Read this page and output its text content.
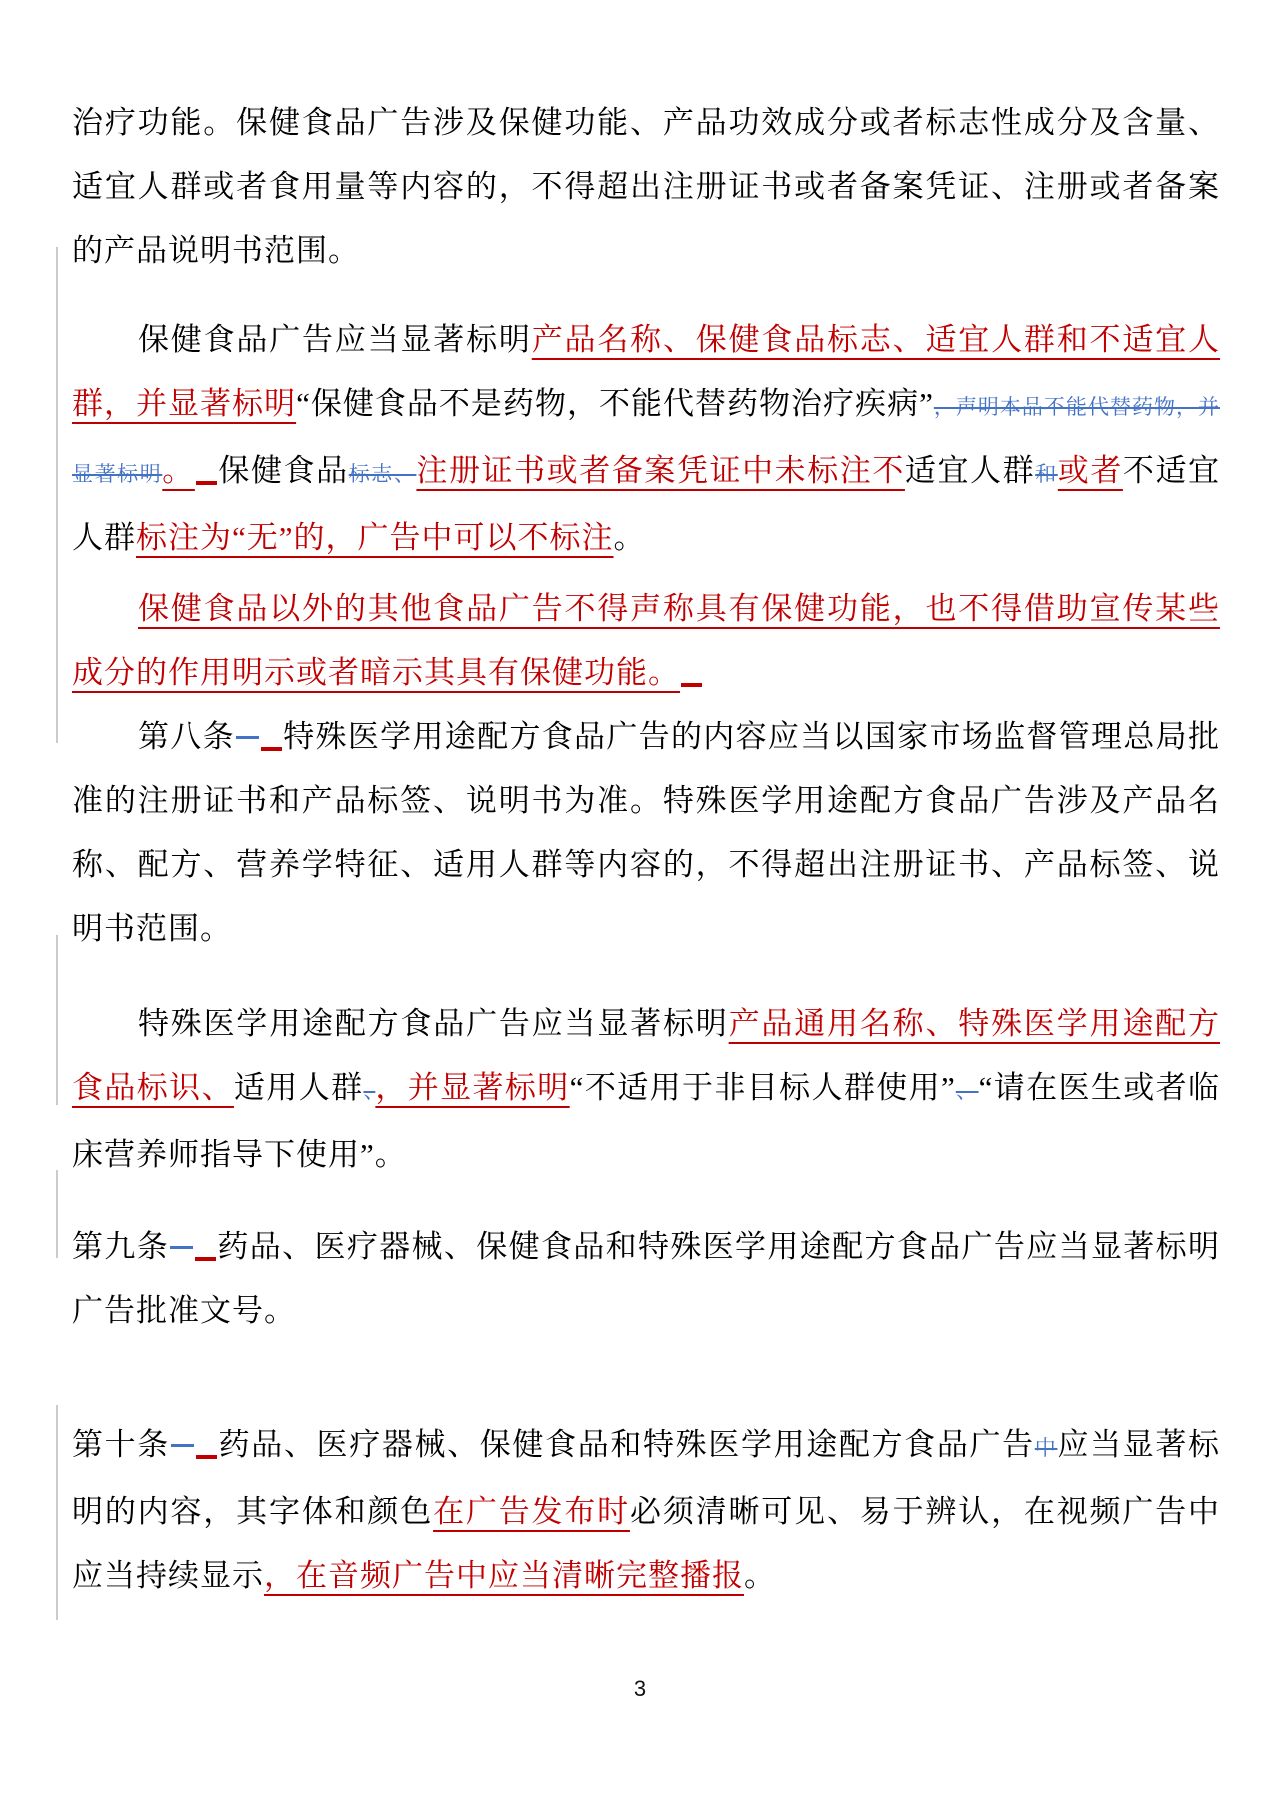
治疗功能。保健食品广告涉及保健功能、产品功效成分或者标志性成分及含量、适宜人群或者食用量等内容的，不得超出注册证书或者备案凭证、注册或者备案的产品说明书范围。

保健食品广告应当显著标明产品名称、保健食品标志、适宜人群和不适宜人群，并显著标明“保健食品不是药物，不能代替药物治疗疾病”，声明本品不能代替药物，并显著标明。 保健食品标志、注册证书或者备案凭证中未标注不适宜人群和或者不适宜人群标注为“无”的，广告中可以不标注。

保健食品以外的其他食品广告不得声称具有保健功能，也不得借助宣传某些成分的作用明示或者暗示其具有保健功能。

第八条 特殊医学用途配方食品广告的内容应当以国家市场监督管理总局批准的注册证书和产品标签、说明书为准。特殊医学用途配方食品广告涉及产品名称、配方、营养学特征、适用人群等内容的，不得超出注册证书、产品标签、说明书范围。

特殊医学用途配方食品广告应当显著标明产品通用名称、特殊医学用途配方食品标识、适用人群、，并显著标明“不适用于非目标人群使用”、“请在医生或者临床营养师指导下使用”。

第九条 药品、医疗器械、保健食品和特殊医学用途配方食品广告应当显著标明广告批准文号。

第十条 药品、医疗器械、保健食品和特殊医学用途配方食品广告中应当显著标明的内容，其字体和颜色在广告发布时必须清晰可见、易于辨认，在视频广告中应当持续显示，在音频广告中应当清晰完整播报。

3
